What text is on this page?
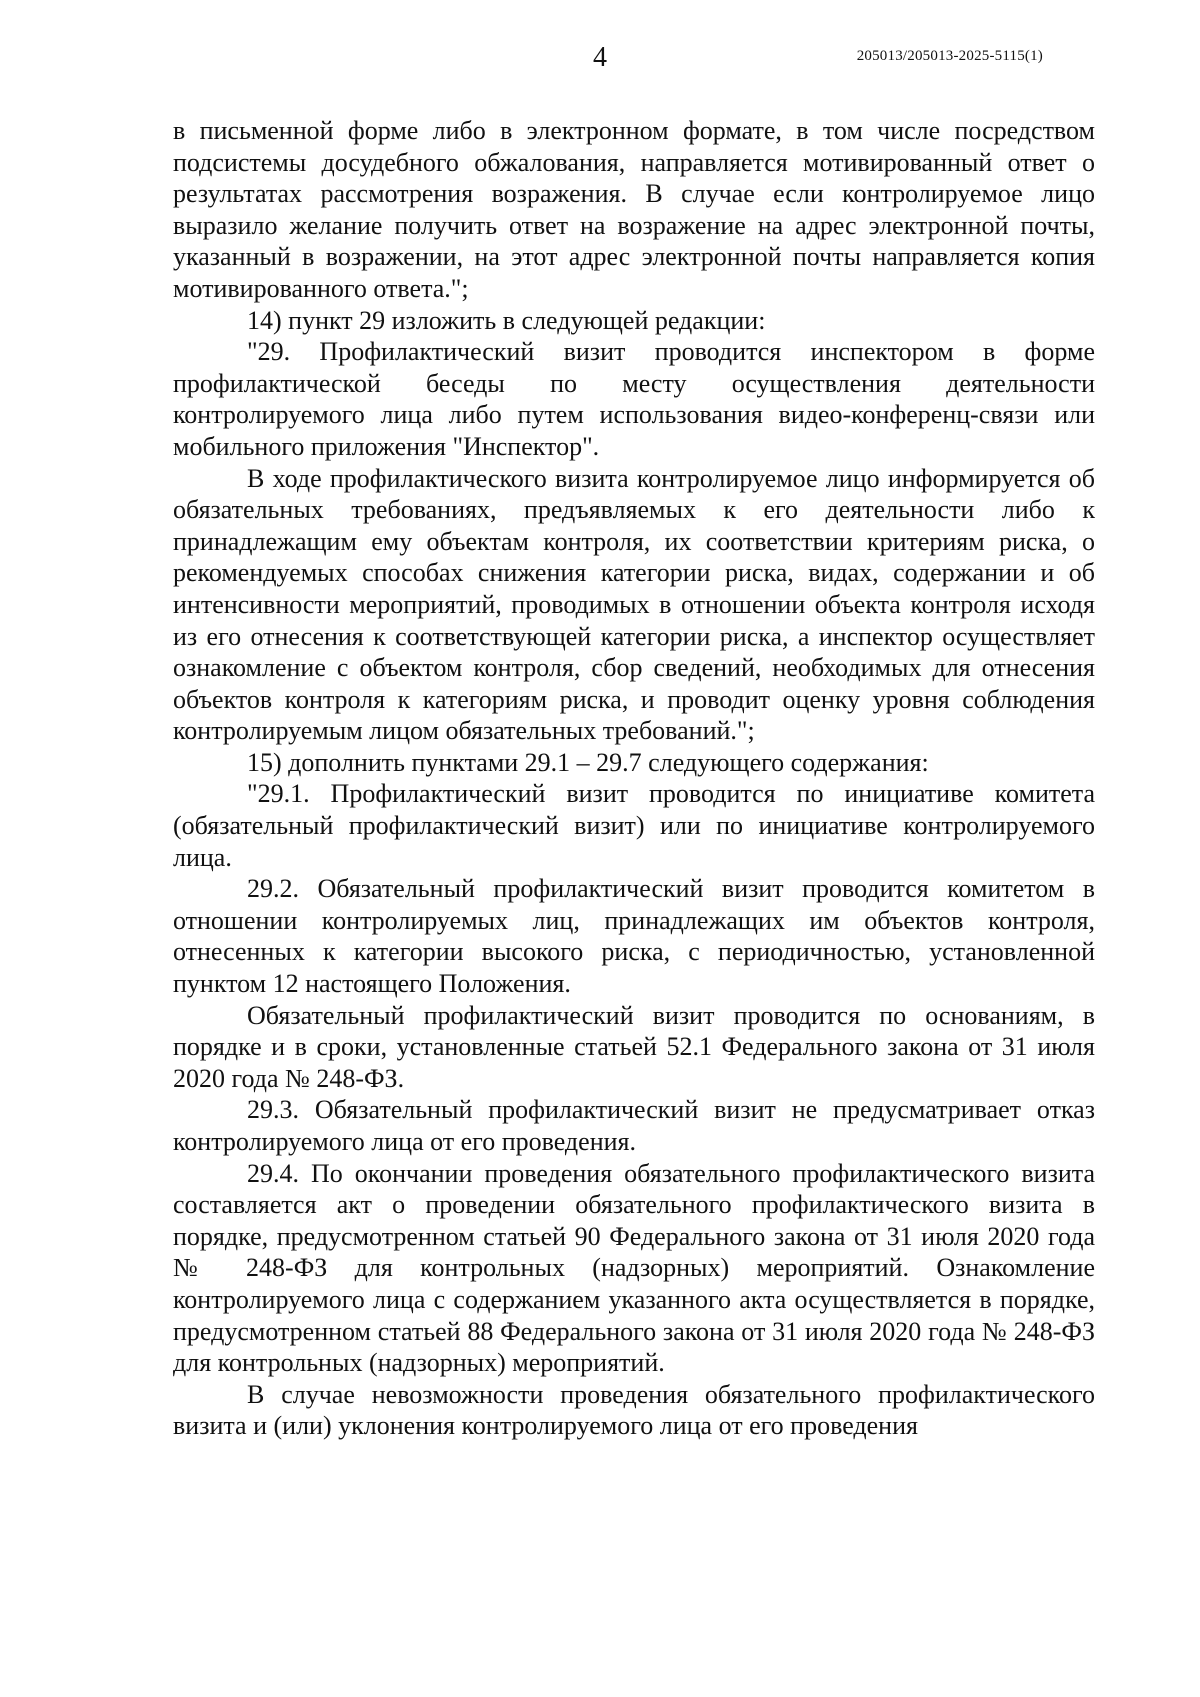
4	205013/205013-2025-5115(1)

в письменной форме либо в электронном формате, в том числе посредством подсистемы досудебного обжалования, направляется мотивированный ответ о результатах рассмотрения возражения. В случае если контролируемое лицо выразило желание получить ответ на возражение на адрес электронной почты, указанный в возражении, на этот адрес электронной почты направляется копия мотивированного ответа.";

14) пункт 29 изложить в следующей редакции:

"29. Профилактический визит проводится инспектором в форме профилактической беседы по месту осуществления деятельности контролируемого лица либо путем использования видео-конференц-связи или мобильного приложения "Инспектор".

В ходе профилактического визита контролируемое лицо информируется об обязательных требованиях, предъявляемых к его деятельности либо к принадлежащим ему объектам контроля, их соответствии критериям риска, о рекомендуемых способах снижения категории риска, видах, содержании и об интенсивности мероприятий, проводимых в отношении объекта контроля исходя из его отнесения к соответствующей категории риска, а инспектор осуществляет ознакомление с объектом контроля, сбор сведений, необходимых для отнесения объектов контроля к категориям риска, и проводит оценку уровня соблюдения контролируемым лицом обязательных требований.";

15) дополнить пунктами 29.1 – 29.7 следующего содержания:

"29.1. Профилактический визит проводится по инициативе комитета (обязательный профилактический визит) или по инициативе контролируемого лица.

29.2. Обязательный профилактический визит проводится комитетом в отношении контролируемых лиц, принадлежащих им объектов контроля, отнесенных к категории высокого риска, с периодичностью, установленной пунктом 12 настоящего Положения.

Обязательный профилактический визит проводится по основаниям, в порядке и в сроки, установленные статьей 52.1 Федерального закона от 31 июля 2020 года № 248-ФЗ.

29.3. Обязательный профилактический визит не предусматривает отказ контролируемого лица от его проведения.

29.4. По окончании проведения обязательного профилактического визита составляется акт о проведении обязательного профилактического визита в порядке, предусмотренном статьей 90 Федерального закона от 31 июля 2020 года № 248-ФЗ для контрольных (надзорных) мероприятий. Ознакомление контролируемого лица с содержанием указанного акта осуществляется в порядке, предусмотренном статьей 88 Федерального закона от 31 июля 2020 года № 248-ФЗ для контрольных (надзорных) мероприятий.

В случае невозможности проведения обязательного профилактического визита и (или) уклонения контролируемого лица от его проведения
